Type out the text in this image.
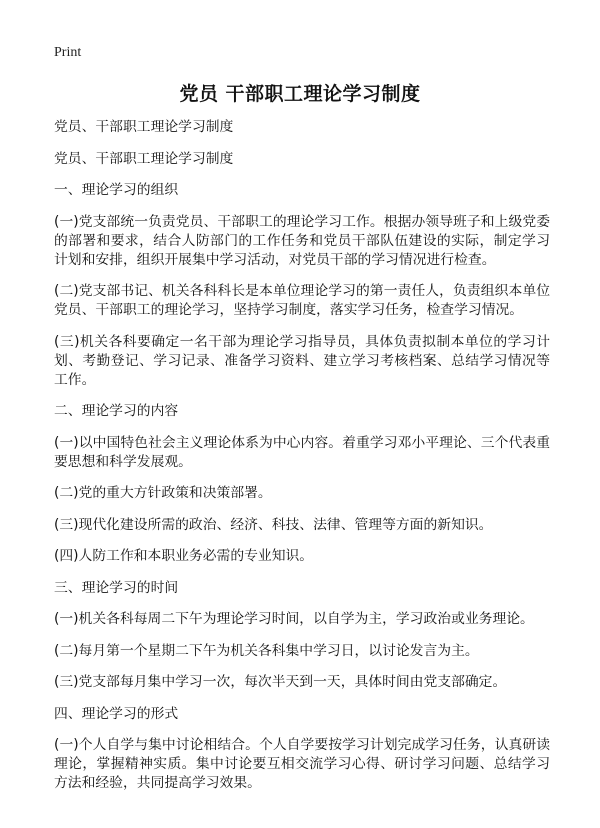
Print
党员 干部职工理论学习制度

党员、干部职工理论学习制度

党员、干部职工理论学习制度

一、理论学习的组织

(一)党支部统一负责党员、干部职工的理论学习工作。根据办领导班子和上级党委的部署和要求，结合人防部门的工作任务和党员干部队伍建设的实际，制定学习计划和安排，组织开展集中学习活动，对党员干部的学习情况进行检查。

(二)党支部书记、机关各科科长是本单位理论学习的第一责任人，负责组织本单位党员、干部职工的理论学习，坚持学习制度，落实学习任务，检查学习情况。

(三)机关各科要确定一名干部为理论学习指导员，具体负责拟制本单位的学习计划、考勤登记、学习记录、准备学习资料、建立学习考核档案、总结学习情况等工作。

二、理论学习的内容

(一)以中国特色社会主义理论体系为中心内容。着重学习邓小平理论、三个代表重要思想和科学发展观。

(二)党的重大方针政策和决策部署。

(三)现代化建设所需的政治、经济、科技、法律、管理等方面的新知识。

(四)人防工作和本职业务必需的专业知识。

三、理论学习的时间

(一)机关各科每周二下午为理论学习时间，以自学为主，学习政治或业务理论。

(二)每月第一个星期二下午为机关各科集中学习日，以讨论发言为主。

(三)党支部每月集中学习一次，每次半天到一天，具体时间由党支部确定。

四、理论学习的形式

(一)个人自学与集中讨论相结合。个人自学要按学习计划完成学习任务，认真研读理论，掌握精神实质。集中讨论要互相交流学习心得、研讨学习问题、总结学习方法和经验，共同提高学习效果。
